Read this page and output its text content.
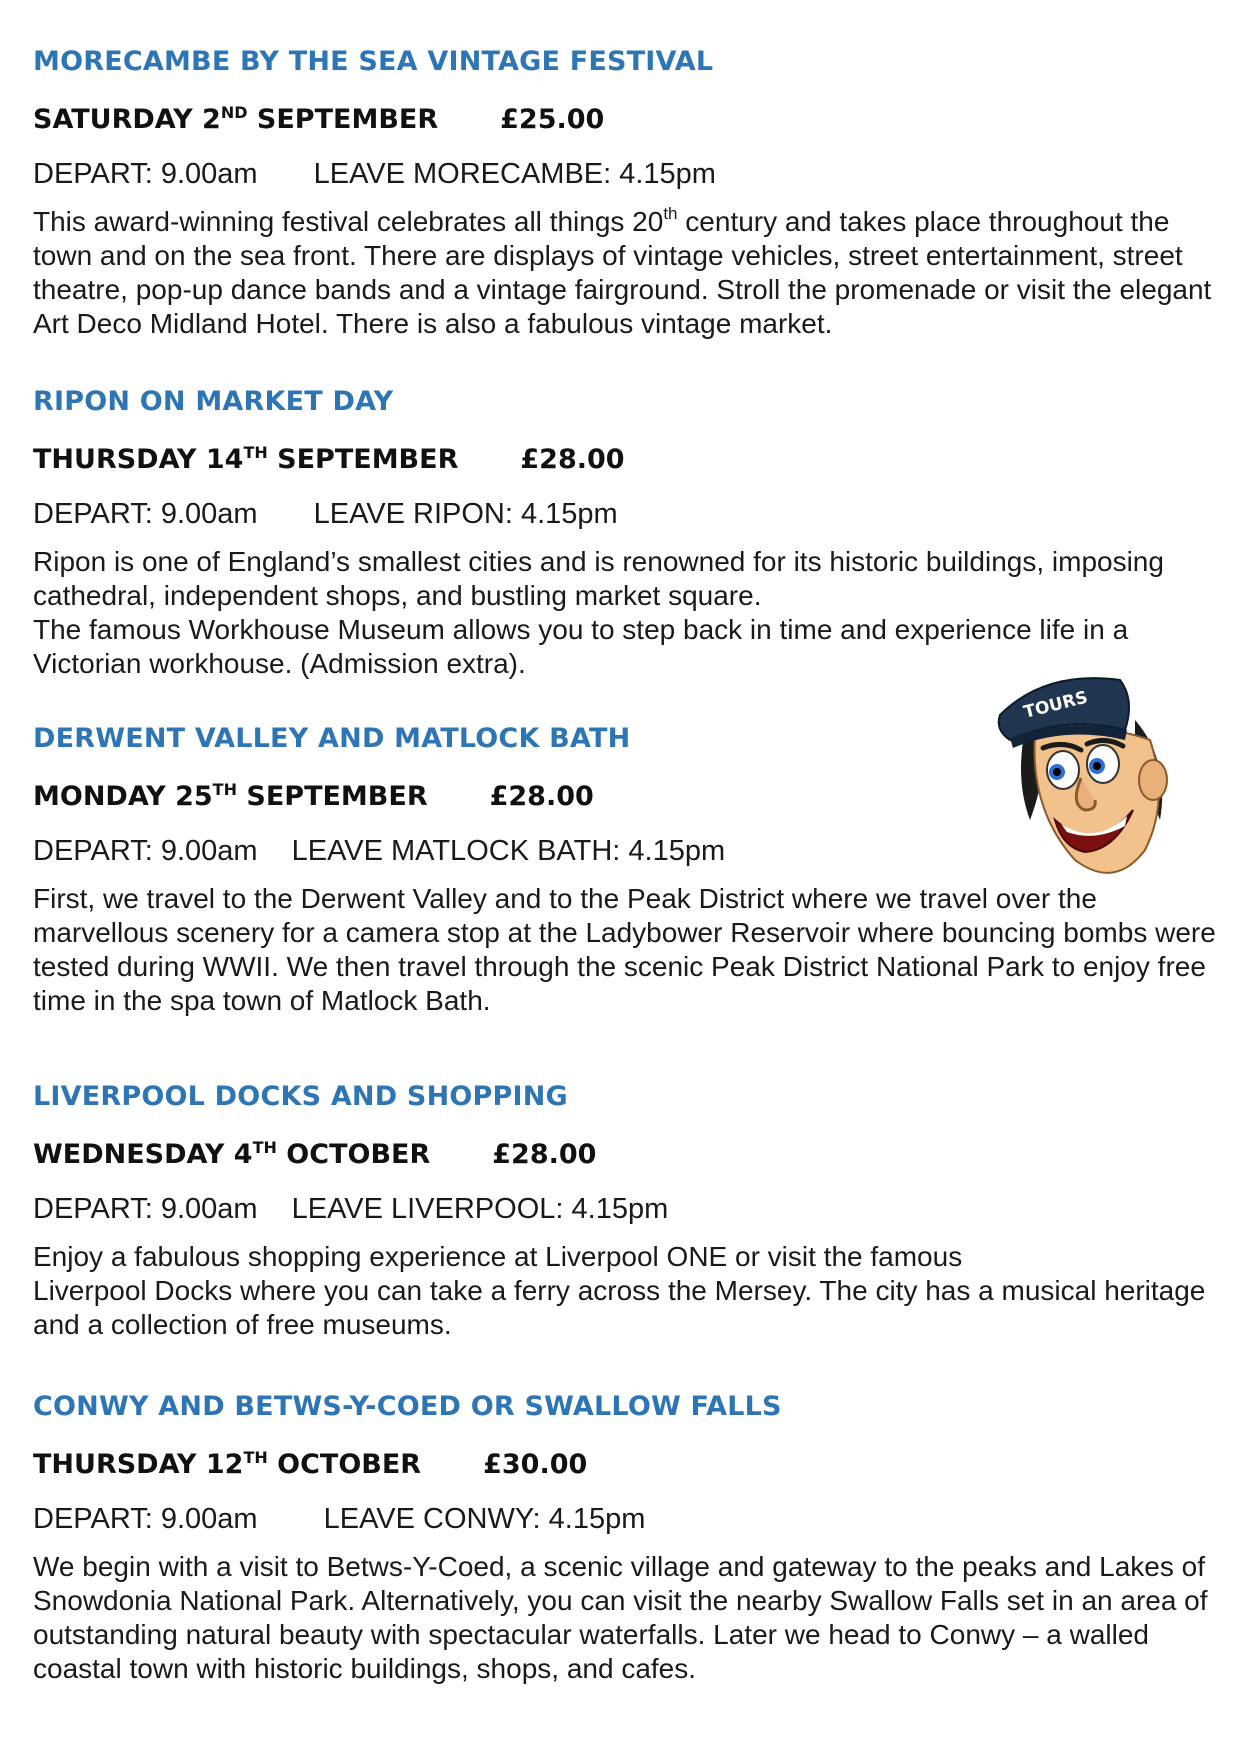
MORECAMBE BY THE SEA VINTAGE FESTIVAL
SATURDAY 2ND SEPTEMBER £25.00
DEPART: 9.00am LEAVE MORECAMBE: 4.15pm

This award-winning festival celebrates all things 20th century and takes place throughout the town and on the sea front. There are displays of vintage vehicles, street entertainment, street theatre, pop-up dance bands and a vintage fairground. Stroll the promenade or visit the elegant Art Deco Midland Hotel. There is also a fabulous vintage market.

RIPON ON MARKET DAY
THURSDAY 14TH SEPTEMBER £28.00
DEPART: 9.00am LEAVE RIPON: 4.15pm

Ripon is one of England’s smallest cities and is renowned for its historic buildings, imposing cathedral, independent shops, and bustling market square.

The famous Workhouse Museum allows you to step back in time and experience life in a Victorian workhouse. (Admission extra).

DERWENT VALLEY AND MATLOCK BATH
MONDAY 25TH SEPTEMBER £28.00
DEPART: 9.00am LEAVE MATLOCK BATH: 4.15pm

First, we travel to the Derwent Valley and to the Peak District where we travel over the marvellous scenery for a camera stop at the Ladybower Reservoir where bouncing bombs were tested during WWII. We then travel through the scenic Peak District National Park to enjoy free time in the spa town of Matlock Bath.

LIVERPOOL DOCKS AND SHOPPING
WEDNESDAY 4TH OCTOBER £28.00
DEPART: 9.00am LEAVE LIVERPOOL: 4.15pm

Enjoy a fabulous shopping experience at Liverpool ONE or visit the famous

Liverpool Docks where you can take a ferry across the Mersey. The city has a musical heritage and a collection of free museums.

CONWY AND BETWS-Y-COED OR SWALLOW FALLS
THURSDAY 12TH OCTOBER £30.00
DEPART: 9.00am LEAVE CONWY: 4.15pm

We begin with a visit to Betws-Y-Coed, a scenic village and gateway to the peaks and Lakes of Snowdonia National Park. Alternatively, you can visit the nearby Swallow Falls set in an area of outstanding natural beauty with spectacular waterfalls. Later we head to Conwy – a walled coastal town with historic buildings, shops, and cafes.

TOURS
